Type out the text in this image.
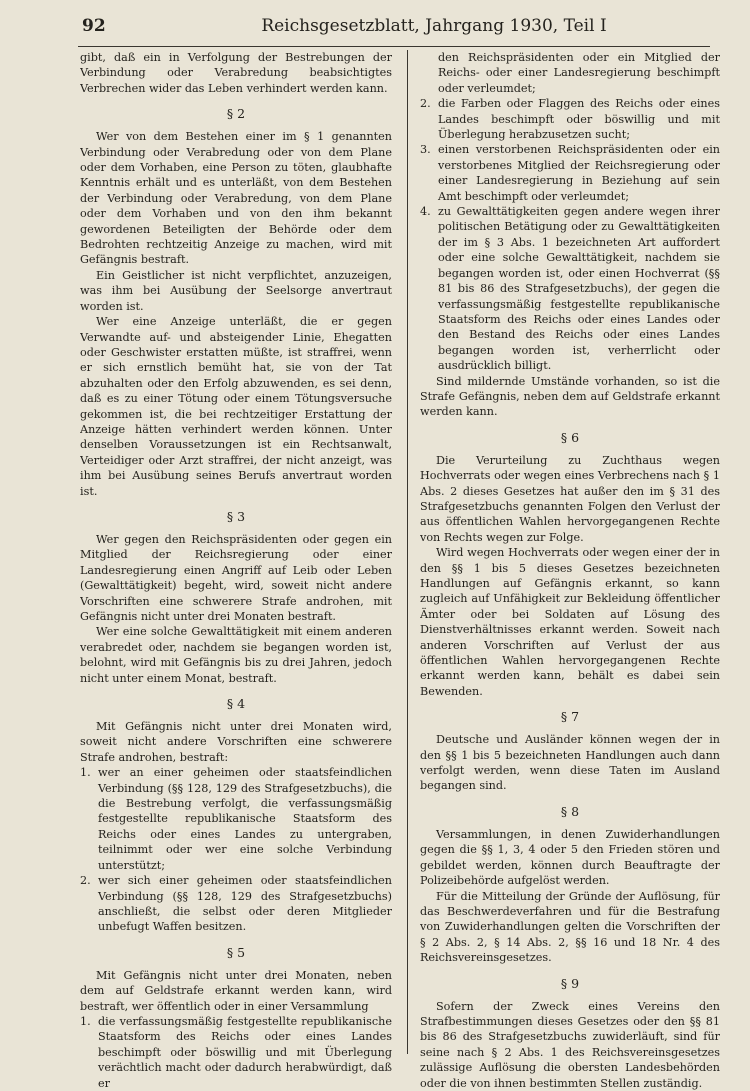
92	Reichsgesetzblatt, Jahrgang 1930, Teil I

gibt, daß ein in Verfolgung der Bestrebungen der Verbindung oder Verabredung beabsichtigtes Verbrechen wider das Leben verhindert werden kann.

§ 2

Wer von dem Bestehen einer im § 1 genannten Verbindung oder Verabredung oder von dem Plane oder dem Vorhaben, eine Person zu töten, glaubhafte Kenntnis erhält und es unterläßt, von dem Bestehen der Verbindung oder Verabredung, von dem Plane oder dem Vorhaben und von den ihm bekannt gewordenen Beteiligten der Behörde oder dem Bedrohten rechtzeitig Anzeige zu machen, wird mit Gefängnis bestraft.

Ein Geistlicher ist nicht verpflichtet, anzuzeigen, was ihm bei Ausübung der Seelsorge anvertraut worden ist.

Wer eine Anzeige unterläßt, die er gegen Verwandte auf- und absteigender Linie, Ehegatten oder Geschwister erstatten müßte, ist straffrei, wenn er sich ernstlich bemüht hat, sie von der Tat abzuhalten oder den Erfolg abzuwenden, es sei denn, daß es zu einer Tötung oder einem Tötungsversuche gekommen ist, die bei rechtzeitiger Erstattung der Anzeige hätten verhindert werden können. Unter denselben Voraussetzungen ist ein Rechtsanwalt, Verteidiger oder Arzt straffrei, der nicht anzeigt, was ihm bei Ausübung seines Berufs anvertraut worden ist.

§ 3

Wer gegen den Reichspräsidenten oder gegen ein Mitglied der Reichsregierung oder einer Landesregierung einen Angriff auf Leib oder Leben (Gewalttätigkeit) begeht, wird, soweit nicht andere Vorschriften eine schwerere Strafe androhen, mit Gefängnis nicht unter drei Monaten bestraft.

Wer eine solche Gewalttätigkeit mit einem anderen verabredet oder, nachdem sie begangen worden ist, belohnt, wird mit Gefängnis bis zu drei Jahren, jedoch nicht unter einem Monat, bestraft.

§ 4

Mit Gefängnis nicht unter drei Monaten wird, soweit nicht andere Vorschriften eine schwerere Strafe androhen, bestraft:

1. wer an einer geheimen oder staatsfeindlichen Verbindung (§§ 128, 129 des Strafgesetzbuchs), die die Bestrebung verfolgt, die verfassungsmäßig festgestellte republikanische Staatsform des Reichs oder eines Landes zu untergraben, teilnimmt oder wer eine solche Verbindung unterstützt;
2. wer sich einer geheimen oder staatsfeindlichen Verbindung (§§ 128, 129 des Strafgesetzbuchs) anschließt, die selbst oder deren Mitglieder unbefugt Waffen besitzen.
§ 5

Mit Gefängnis nicht unter drei Monaten, neben dem auf Geldstrafe erkannt werden kann, wird bestraft, wer öffentlich oder in einer Versammlung

1. die verfassungsmäßig festgestellte republikanische Staatsform des Reichs oder eines Landes beschimpft oder böswillig und mit Überlegung verächtlich macht oder dadurch herabwürdigt, daß er
den Reichspräsidenten oder ein Mitglied der Reichs- oder einer Landesregierung beschimpft oder verleumdet;
2. die Farben oder Flaggen des Reichs oder eines Landes beschimpft oder böswillig und mit Überlegung herabzusetzen sucht;
3. einen verstorbenen Reichspräsidenten oder ein verstorbenes Mitglied der Reichsregierung oder einer Landesregierung in Beziehung auf sein Amt beschimpft oder verleumdet;
4. zu Gewalttätigkeiten gegen andere wegen ihrer politischen Betätigung oder zu Gewalttätigkeiten der im § 3 Abs. 1 bezeichneten Art auffordert oder eine solche Gewalttätigkeit, nachdem sie begangen worden ist, oder einen Hochverrat (§§ 81 bis 86 des Strafgesetzbuchs), der gegen die verfassungsmäßig festgestellte republikanische Staatsform des Reichs oder eines Landes oder den Bestand des Reichs oder eines Landes begangen worden ist, verherrlicht oder ausdrücklich billigt.

Sind mildernde Umstände vorhanden, so ist die Strafe Gefängnis, neben dem auf Geldstrafe erkannt werden kann.

§ 6

Die Verurteilung zu Zuchthaus wegen Hochverrats oder wegen eines Verbrechens nach § 1 Abs. 2 dieses Gesetzes hat außer den im § 31 des Strafgesetzbuchs genannten Folgen den Verlust der aus öffentlichen Wahlen hervorgegangenen Rechte von Rechts wegen zur Folge.

Wird wegen Hochverrats oder wegen einer der in den §§ 1 bis 5 dieses Gesetzes bezeichneten Handlungen auf Gefängnis erkannt, so kann zugleich auf Unfähigkeit zur Bekleidung öffentlicher Ämter oder bei Soldaten auf Lösung des Dienstverhältnisses erkannt werden. Soweit nach anderen Vorschriften auf Verlust der aus öffentlichen Wahlen hervorgegangenen Rechte erkannt werden kann, behält es dabei sein Bewenden.

§ 7

Deutsche und Ausländer können wegen der in den §§ 1 bis 5 bezeichneten Handlungen auch dann verfolgt werden, wenn diese Taten im Ausland begangen sind.

§ 8

Versammlungen, in denen Zuwiderhandlungen gegen die §§ 1, 3, 4 oder 5 den Frieden stören und gebildet werden, können durch Beauftragte der Polizeibehörde aufgelöst werden.

Für die Mitteilung der Gründe der Auflösung, für das Beschwerdeverfahren und für die Bestrafung von Zuwiderhandlungen gelten die Vorschriften der § 2 Abs. 2, § 14 Abs. 2, §§ 16 und 18 Nr. 4 des Reichsvereinsgesetzes.

§ 9

Sofern der Zweck eines Vereins den Strafbestimmungen dieses Gesetzes oder den §§ 81 bis 86 des Strafgesetzbuchs zuwiderläuft, sind für seine nach § 2 Abs. 1 des Reichsvereinsgesetzes zulässige Auflösung die obersten Landesbehörden oder die von ihnen bestimmten Stellen zuständig.
